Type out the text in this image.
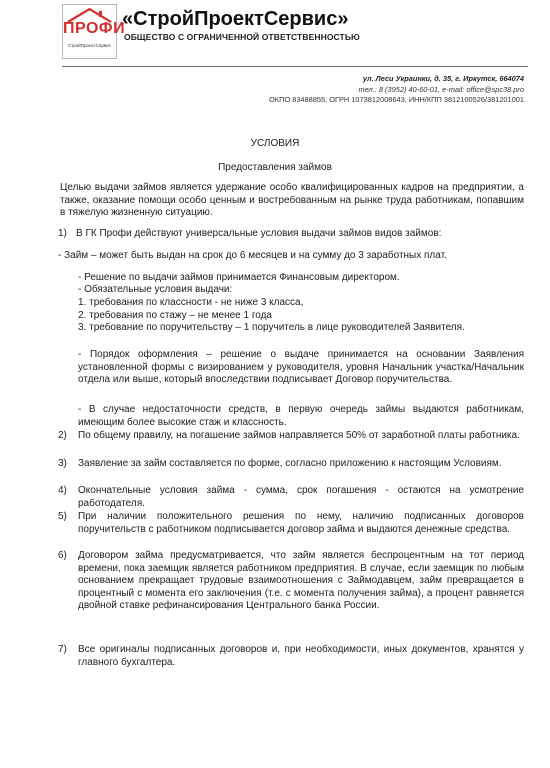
ПРОФИ
СтройПроектСервис
«СтройПроектСервис»
ОБЩЕСТВО С ОГРАНИЧЕННОЙ ОТВЕТСТВЕННОСТЬЮ
ул. Леси Украинки, д. 35, г. Иркутск, 664074
тел.: 8 (3952) 40-60-01, e-mail: office@spc38.pro
ОКПО 83488855, ОГРН 1073812008643, ИНН/КПП 3812100526/381201001
УСЛОВИЯ
Предоставления займов

Целью выдачи займов является удержание особо квалифицированных кадров на предприятии, а также, оказание помощи особо ценным и востребованным на рынке труда работникам, попавшим в тяжелую жизненную ситуацию.

1) В ГК Профи действуют универсальные условия выдачи займов видов займов:
- Займ – может быть выдан на срок до 6 месяцев и на сумму до 3 заработных плат.
- Решение по выдачи займов принимается Финансовым директором.
- Обязательные условия выдачи:
1. требования по классности - не ниже 3 класса,
2. требования по стажу – не менее 1 года
3. требование по поручительству – 1 поручитель в лице руководителей Заявителя.

- Порядок оформления – решение о выдаче принимается на основании Заявления установленной формы с визированием у руководителя, уровня Начальник участка/Начальник отдела или выше, который впоследствии подписывает Договор поручительства.

- В случае недостаточности средств, в первую очередь займы выдаются работникам, имеющим более высокие стаж и классность.

2)	По общему правилу, на погашение займов направляется 50% от заработной платы работника.

3)	Заявление за займ составляется по форме, согласно приложению к настоящим Условиям.

4)	Окончательные условия займа - сумма, срок погашения - остаются на усмотрение работодателя.

5)	При наличии положительного решения по нему, наличию подписанных договоров поручительств с работником подписывается договор займа и выдаются денежные средства.

6)	Договором займа предусматривается, что займ является беспроцентным на тот период времени, пока заемщик является работником предприятия. В случае, если заемщик по любым основанием прекращает трудовые взаимоотношения с Займодавцем, займ превращается в процентный с момента его заключения (т.е. с момента получения займа), а процент равняется двойной ставке рефинансирования Центрального банка России.

7)	Все оригиналы подписанных договоров и, при необходимости, иных документов, хранятся у главного бухгалтера.
